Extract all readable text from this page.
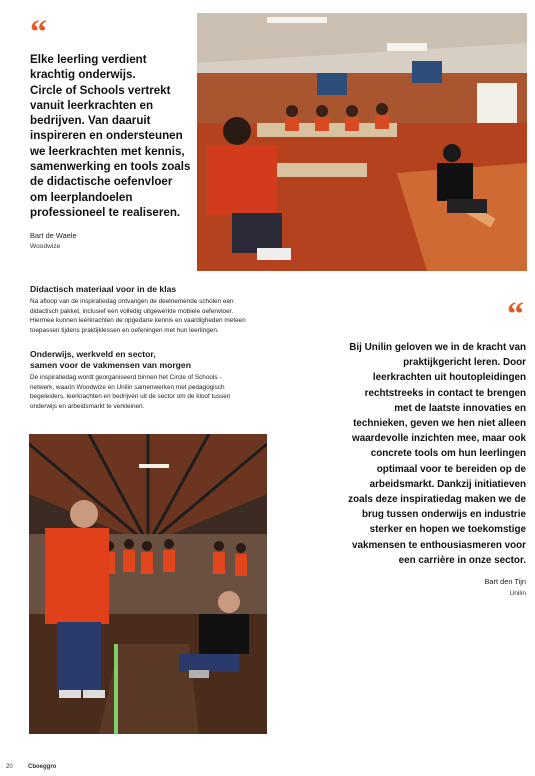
“
Elke leerling verdient
krachtig onderwijs.
Circle of Schools vertrekt
vanuit leerkrachten en
bedrijven. Van daaruit
inspireren en ondersteunen
we leerkrachten met kennis,
samenwerking en tools zoals
de didactische oefenvloer
om leerplandoelen
professioneel te realiseren.
Bart de Waele
Woodwize
Didactisch materiaal voor in de klas
Na afloop van de inspiratiedag ontvangen de deelnemende scholen een
didactisch pakket, inclusief een volledig uitgewerkte mobiele oefenvloer.
Hiermee kunnen leerkrachten de opgedane kennis en vaardigheden meteen
toepassen tijdens praktijklessen en oefeningen met hun leerlingen.
Onderwijs, werkveld en sector,
samen voor de vakmensen van morgen
De inspiratiedag wordt georganiseerd binnen het Circle of Schools -
netwerk, waarin Woodwize en Unilin samenwerken met pedagogisch
begeleiders, leerkrachten en bedrijven uit de sector om de kloof tussen
onderwijs en arbeidsmarkt te verkleinen.
“
Bij Unilin geloven we in de kracht van
praktijkgericht leren. Door
leerkrachten uit houtopleidingen
rechtstreeks in contact te brengen
met de laatste innovaties en
technieken, geven we hen niet alleen
waardevolle inzichten mee, maar ook
concrete tools om hun leerlingen
optimaal voor te bereiden op de
arbeidsmarkt. Dankzij initiatieven
zoals deze inspiratiedag maken we de
brug tussen onderwijs en industrie
sterker en hopen we toekomstige
vakmensen te enthousiasmeren voor
een carrière in onze sector.
Bart den Tijn
Unilin
20	Cboeggro
